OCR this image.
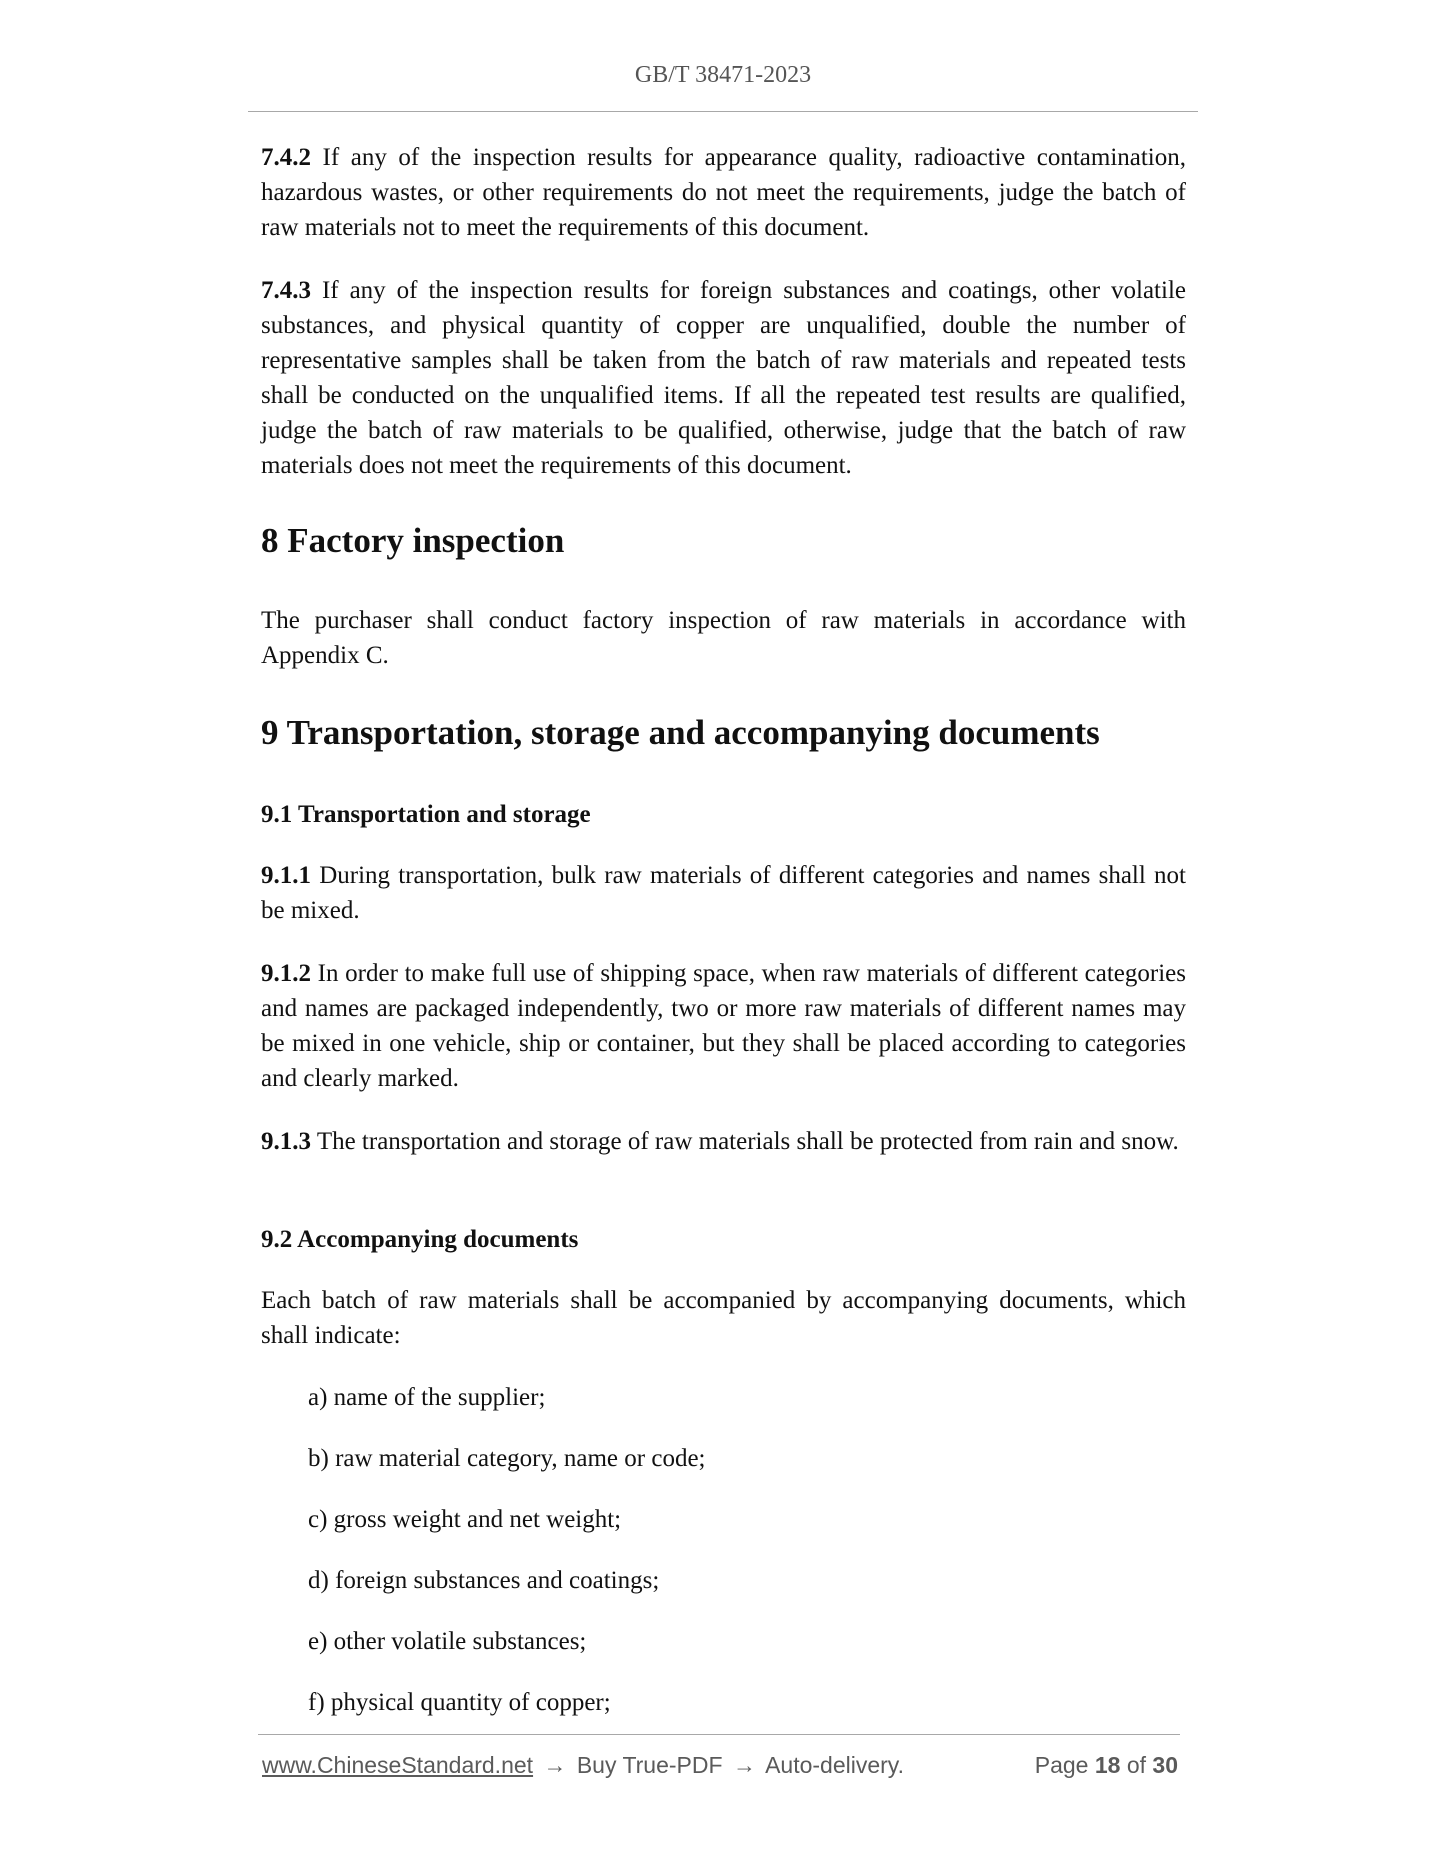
GB/T 38471-2023

7.4.2 If any of the inspection results for appearance quality, radioactive contamination, hazardous wastes, or other requirements do not meet the requirements, judge the batch of raw materials not to meet the requirements of this document.

7.4.3 If any of the inspection results for foreign substances and coatings, other volatile substances, and physical quantity of copper are unqualified, double the number of representative samples shall be taken from the batch of raw materials and repeated tests shall be conducted on the unqualified items. If all the repeated test results are qualified, judge the batch of raw materials to be qualified, otherwise, judge that the batch of raw materials does not meet the requirements of this document.

8 Factory inspection

The purchaser shall conduct factory inspection of raw materials in accordance with Appendix C.

9 Transportation, storage and accompanying documents
9.1 Transportation and storage

9.1.1 During transportation, bulk raw materials of different categories and names shall not be mixed.

9.1.2 In order to make full use of shipping space, when raw materials of different categories and names are packaged independently, two or more raw materials of different names may be mixed in one vehicle, ship or container, but they shall be placed according to categories and clearly marked.

9.1.3 The transportation and storage of raw materials shall be protected from rain and snow.

9.2 Accompanying documents

Each batch of raw materials shall be accompanied by accompanying documents, which shall indicate:

a) name of the supplier;

b) raw material category, name or code;

c) gross weight and net weight;

d) foreign substances and coatings;

e) other volatile substances;

f) physical quantity of copper;

www.ChineseStandard.net → Buy True-PDF → Auto-delivery.	Page 18 of 30
